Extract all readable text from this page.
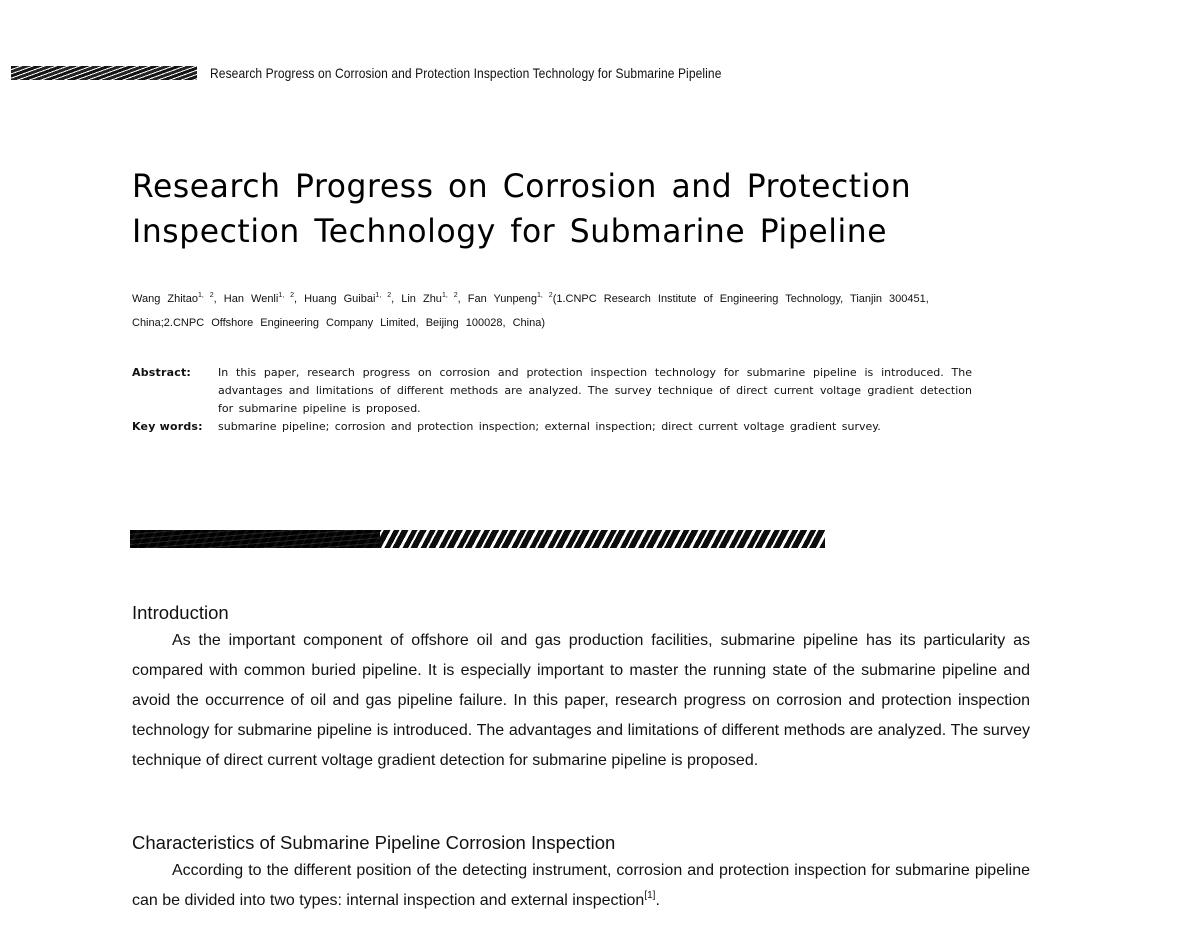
Research Progress on Corrosion and Protection Inspection Technology for Submarine Pipeline
Research Progress on Corrosion and Protection
Inspection Technology for Submarine Pipeline
Wang Zhitao$^{1, 2}$, Han Wenli$^{1, 2}$, Huang Guibai$^{1, 2}$, Lin Zhu$^{1, 2}$, Fan Yunpeng$^{1, 2}$(1.CNPC Research Institute of Engineering Technology, Tianjin 300451, China;2.CNPC Offshore Engineering Company Limited, Beijing 100028, China)
Abstract:	In this paper, research progress on corrosion and protection inspection technology for submarine pipeline is introduced. The advantages and limitations of different methods are analyzed. The survey technique of direct current voltage gradient detection for submarine pipeline is proposed.
Key words:	submarine pipeline; corrosion and protection inspection; external inspection; direct current voltage gradient survey.
Introduction

As the important component of offshore oil and gas production facilities, submarine pipeline has its particularity as compared with common buried pipeline. It is especially important to master the running state of the submarine pipeline and avoid the occurrence of oil and gas pipeline failure. In this paper, research progress on corrosion and protection inspection technology for submarine pipeline is introduced. The advantages and limitations of different methods are analyzed. The survey technique of direct current voltage gradient detection for submarine pipeline is proposed.

Characteristics of Submarine Pipeline Corrosion Inspection

According to the different position of the detecting instrument, corrosion and protection inspection for submarine pipeline can be divided into two types: internal inspection and external inspection[1].
